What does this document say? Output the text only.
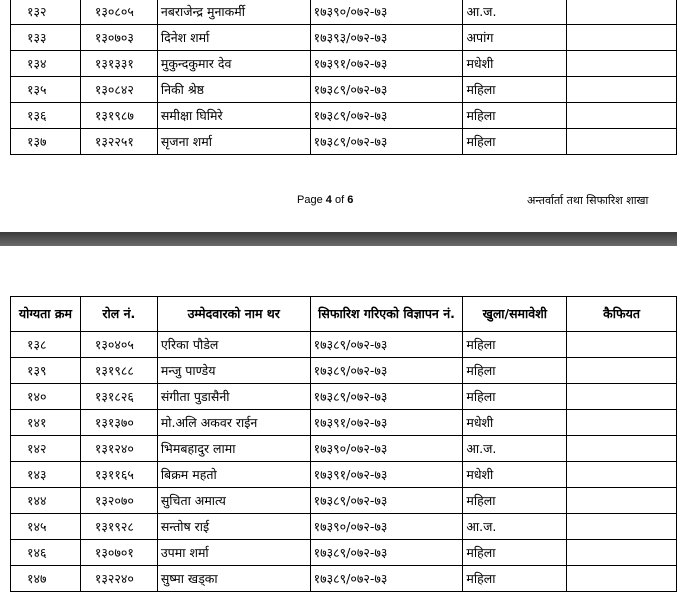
१३२	१३०८०५	नबराजेन्द्र मुनाकर्मी	१७३९०/०७२-७३	आ.ज.	
१३३	१३०७०३	दिनेश शर्मा	१७३९३/०७२-७३	अपांग	
१३४	१३१३३१	मुकुन्दकुमार देव	१७३९१/०७२-७३	मधेशी	
१३५	१३०८४२	निकी श्रेष्ठ	१७३८९/०७२-७३	महिला	
१३६	१३१९८७	समीक्षा घिमिरे	१७३८९/०७२-७३	महिला	
१३७	१३२२५१	सृजना शर्मा	१७३८९/०७२-७३	महिला	
Page 4 of 6	अन्तर्वार्ता तथा सिफारिश शाखा
योग्यता क्रम	रोल नं.	उम्मेदवारको नाम थर	सिफारिश गरिएको विज्ञापन नं.	खुला/समावेशी	कैफियत
१३८	१३०४०५	एरिका पौडेल	१७३८९/०७२-७३	महिला	
१३९	१३१९८८	मन्जु पाण्डेय	१७३८९/०७२-७३	महिला	
१४०	१३१८२६	संगीता पुडासैनी	१७३८९/०७२-७३	महिला	
१४१	१३१३७०	मो.अलि अकवर राईन	१७३९१/०७२-७३	मधेशी	
१४२	१३१२४०	भिमबहादुर लामा	१७३९०/०७२-७३	आ.ज.	
१४३	१३११६५	बिक्रम महतो	१७३९१/०७२-७३	मधेशी	
१४४	१३२०७०	सुचिता अमात्य	१७३८९/०७२-७३	महिला	
१४५	१३१९२८	सन्तोष राई	१७३९०/०७२-७३	आ.ज.	
१४६	१३०७०१	उपमा शर्मा	१७३८९/०७२-७३	महिला	
१४७	१३२२४०	सुष्मा खड्का	१७३८९/०७२-७३	महिला	
